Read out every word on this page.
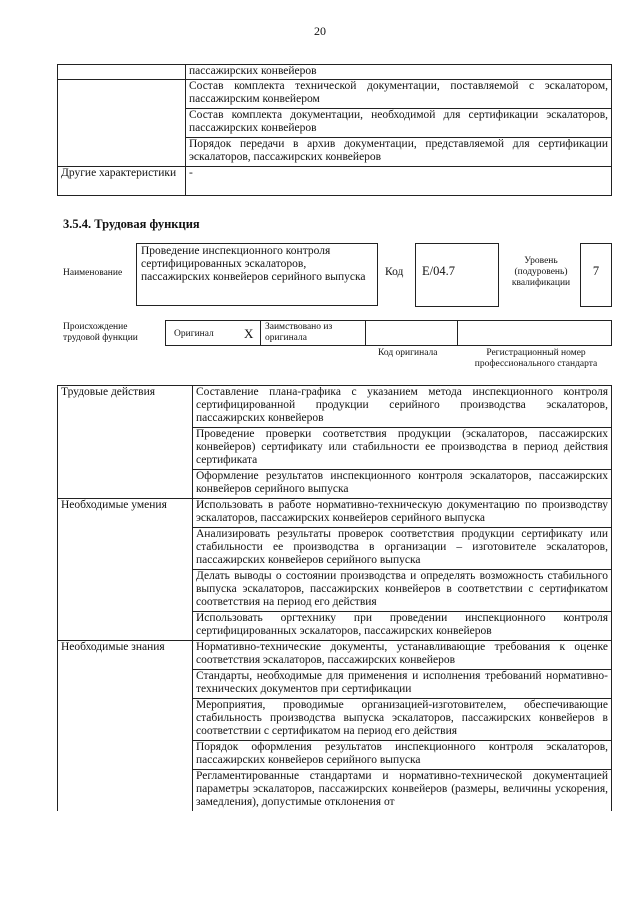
20
	пассажирских конвейеров
	Состав комплекта технической документации, поставляемой с эскалатором, пассажирским конвейером
	Состав комплекта документации, необходимой для сертификации эскалаторов, пассажирских конвейеров
	Порядок передачи в архив документации, представляемой для сертификации эскалаторов, пассажирских конвейеров
Другие характеристики	-
3.5.4. Трудовая функция
Наименование
Проведение инспекционного контроля сертифицированных эскалаторов, пассажирских конвейеров серийного выпуска	Код	E/04.7
Уровень (подуровень) квалификации
7
Происхождение трудовой функции	Оригинал X	Заимствовано из оригинала
Код оригинала	Регистрационный номер профессионального стандарта
Трудовые действия	Составление плана-графика с указанием метода инспекционного контроля сертифицированной продукции серийного производства эскалаторов, пассажирских конвейеров
	Проведение проверки соответствия продукции (эскалаторов, пассажирских конвейеров) сертификату или стабильности ее производства в период действия сертификата
	Оформление результатов инспекционного контроля эскалаторов, пассажирских конвейеров серийного выпуска
Необходимые умения	Использовать в работе нормативно-техническую документацию по производству эскалаторов, пассажирских конвейеров серийного выпуска
	Анализировать результаты проверок соответствия продукции сертификату или стабильности ее производства в организации – изготовителе эскалаторов, пассажирских конвейеров серийного выпуска
	Делать выводы о состоянии производства и определять возможность стабильного выпуска эскалаторов, пассажирских конвейеров в соответствии с сертификатом соответствия на период его действия
	Использовать оргтехнику при проведении инспекционного контроля сертифицированных эскалаторов, пассажирских конвейеров
Необходимые знания	Нормативно-технические документы, устанавливающие требования к оценке соответствия эскалаторов, пассажирских конвейеров
	Стандарты, необходимые для применения и исполнения требований нормативно-технических документов при сертификации
	Мероприятия, проводимые организацией-изготовителем, обеспечивающие стабильность производства выпуска эскалаторов, пассажирских конвейеров в соответствии с сертификатом на период его действия
	Порядок оформления результатов инспекционного контроля эскалаторов, пассажирских конвейеров серийного выпуска
	Регламентированные стандартами и нормативно-технической документацией параметры эскалаторов, пассажирских конвейеров (размеры, величины ускорения, замедления), допустимые отклонения от
